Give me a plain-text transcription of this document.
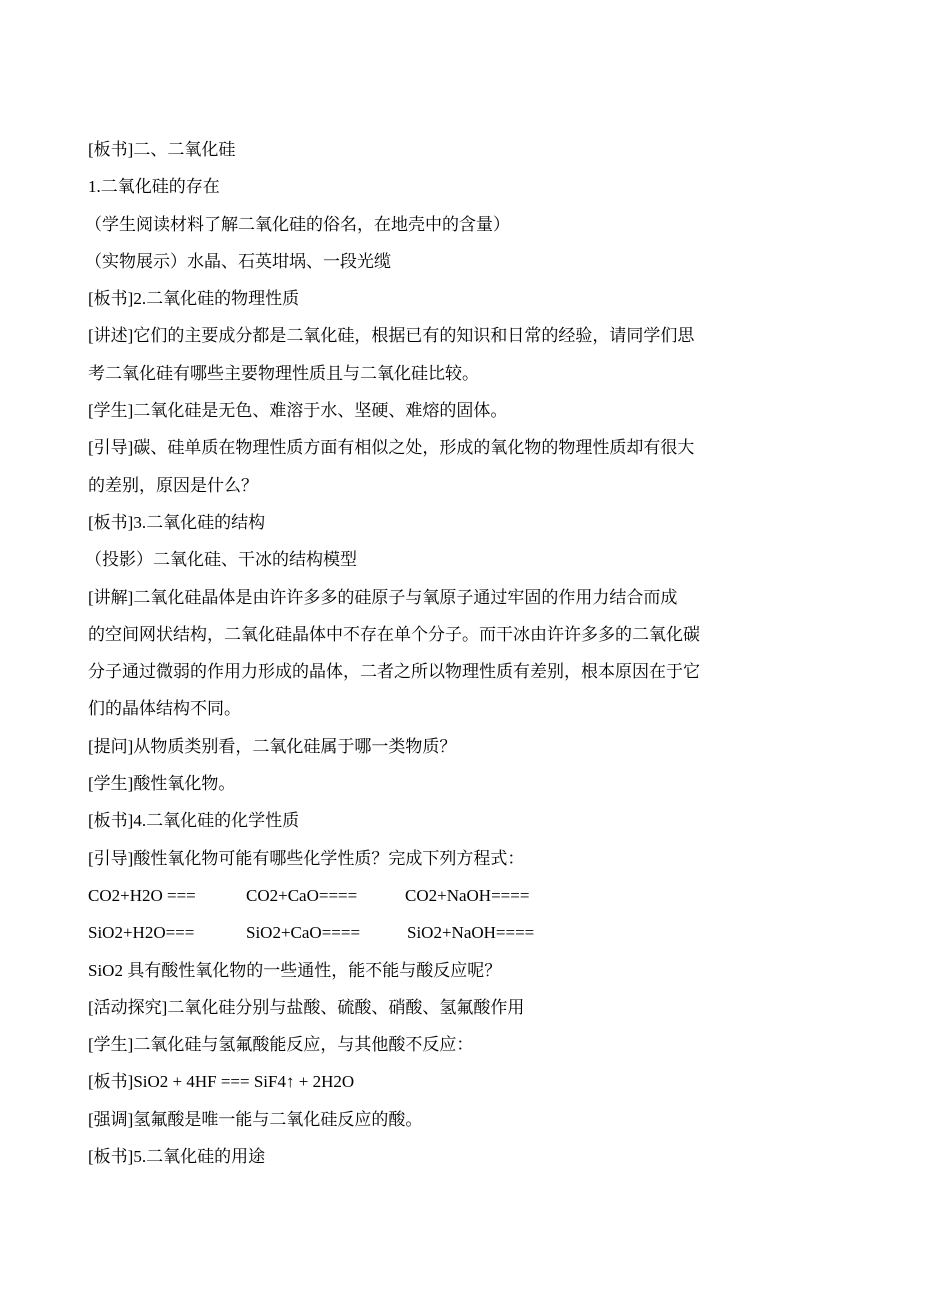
[板书]二、二氧化硅
1.二氧化硅的存在
（学生阅读材料了解二氧化硅的俗名，在地壳中的含量）
（实物展示）水晶、石英坩埚、一段光缆
[板书]2.二氧化硅的物理性质
[讲述]它们的主要成分都是二氧化硅，根据已有的知识和日常的经验，请同学们思
考二氧化硅有哪些主要物理性质且与二氧化硅比较。
[学生]二氧化硅是无色、难溶于水、坚硬、难熔的固体。
[引导]碳、硅单质在物理性质方面有相似之处，形成的氧化物的物理性质却有很大
的差别，原因是什么？
[板书]3.二氧化硅的结构
（投影）二氧化硅、干冰的结构模型
[讲解]二氧化硅晶体是由许许多多的硅原子与氧原子通过牢固的作用力结合而成
的空间网状结构，二氧化硅晶体中不存在单个分子。而干冰由许许多多的二氧化碳
分子通过微弱的作用力形成的晶体，二者之所以物理性质有差别，根本原因在于它
们的晶体结构不同。
[提问]从物质类别看，二氧化硅属于哪一类物质？
[学生]酸性氧化物。
[板书]4.二氧化硅的化学性质
[引导]酸性氧化物可能有哪些化学性质？完成下列方程式：
CO2+H2O ===	CO2+CaO====	CO2+NaOH====
SiO2+H2O===	SiO2+CaO====	SiO2+NaOH====
SiO2 具有酸性氧化物的一些通性，能不能与酸反应呢？
[活动探究]二氧化硅分别与盐酸、硫酸、硝酸、氢氟酸作用
[学生]二氧化硅与氢氟酸能反应，与其他酸不反应：
[板书]SiO2 + 4HF === SiF4↑ + 2H2O
[强调]氢氟酸是唯一能与二氧化硅反应的酸。
[板书]5.二氧化硅的用途
